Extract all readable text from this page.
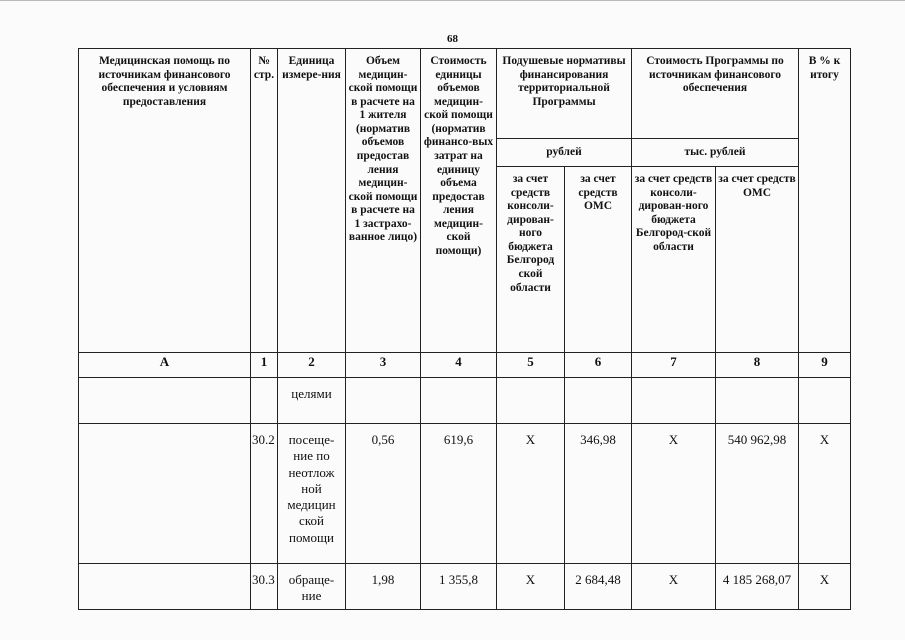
68
Медицинская помощь по источникам финансового обеспечения и условиям предоставления	№ стр.	Единица измере-ния	Объем медицин-ской помощи в расчете на 1 жителя (норматив объемов предостав ления медицин-ской помощи в расчете на 1 застрахо-ванное лицо)	Стоимость единицы объемов медицин-ской помощи (норматив финансо-вых затрат на единицу объема предостав ления медицин-ской помощи)	Подушевые нормативы финансирования территориальной Программы		Стоимость Программы по источникам финансового обеспечения		В % к итогу
					рублей		тыс. рублей		
					за счет средств консоли-дирован-ного бюджета Белгород ской области	за счет средств ОМС	за счет средств консоли-дирован-ного бюджета Белгород-ской области	за счет средств ОМС	
А	1	2	3	4	5	6	7	8	9
		целями							
	30.2	посеще-ние по неотлож ной медицин ской помощи	0,56	619,6	Х	346,98	Х	540 962,98	Х
	30.3	обраще-ние	1,98	1 355,8	Х	2 684,48	Х	4 185 268,07	Х
